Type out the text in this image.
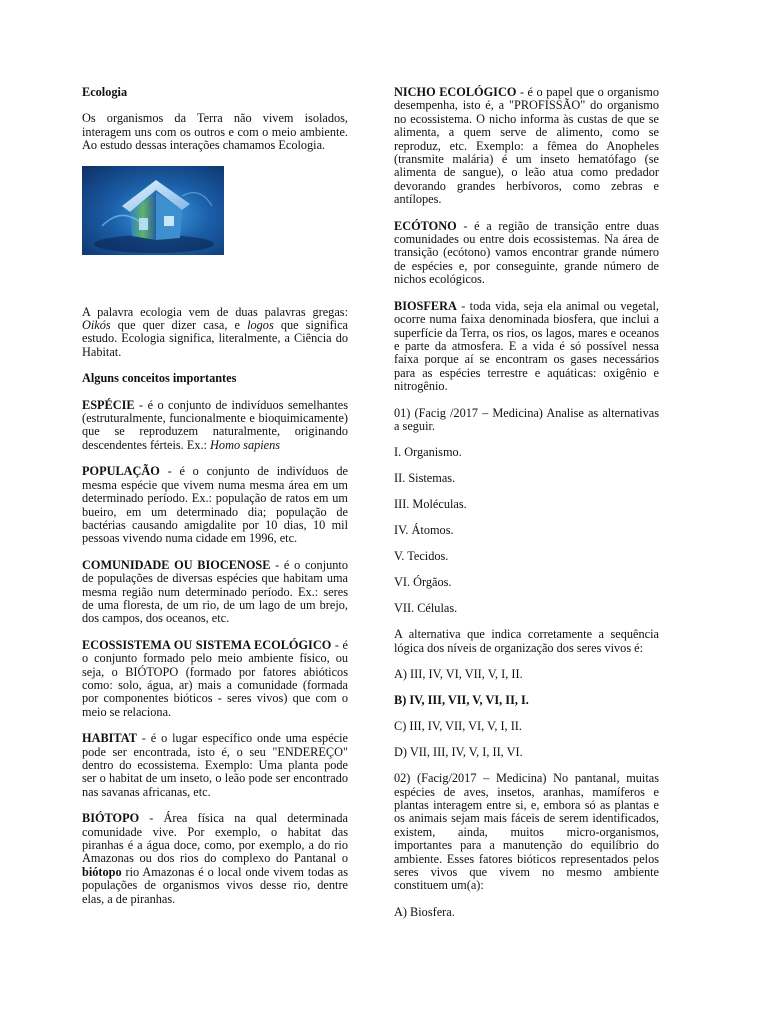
Ecologia

Os organismos da Terra não vivem isolados, interagem uns com os outros e com o meio ambiente. Ao estudo dessas interações chamamos Ecologia.

A palavra ecologia vem de duas palavras gregas: Oikós que quer dizer casa, e logos que significa estudo. Ecologia significa, literalmente, a Ciência do Habitat.

Alguns conceitos importantes

ESPÉCIE - é o conjunto de indivíduos semelhantes (estruturalmente, funcionalmente e bioquimicamente) que se reproduzem naturalmente, originando descendentes férteis. Ex.: Homo sapiens

POPULAÇÃO - é o conjunto de indivíduos de mesma espécie que vivem numa mesma área em um determinado período. Ex.: população de ratos em um bueiro, em um determinado dia; população de bactérias causando amigdalite por 10 dias, 10 mil pessoas vivendo numa cidade em 1996, etc.

COMUNIDADE OU BIOCENOSE - é o conjunto de populações de diversas espécies que habitam uma mesma região num determinado período. Ex.: seres de uma floresta, de um rio, de um lago de um brejo, dos campos, dos oceanos, etc.

ECOSSISTEMA OU SISTEMA ECOLÓGICO - é o conjunto formado pelo meio ambiente físico, ou seja, o BIÓTOPO (formado por fatores abióticos como: solo, água, ar) mais a comunidade (formada por componentes bióticos - seres vivos) que com o meio se relaciona.

HABITAT - é o lugar específico onde uma espécie pode ser encontrada, isto é, o seu "ENDEREÇO" dentro do ecossistema. Exemplo: Uma planta pode ser o habitat de um inseto, o leão pode ser encontrado nas savanas africanas, etc.

BIÓTOPO - Área física na qual determinada comunidade vive. Por exemplo, o habitat das piranhas é a água doce, como, por exemplo, a do rio Amazonas ou dos rios do complexo do Pantanal o biótopo rio Amazonas é o local onde vivem todas as populações de organismos vivos desse rio, dentre elas, a de piranhas.

NICHO ECOLÓGICO - é o papel que o organismo desempenha, isto é, a "PROFISSÃO" do organismo no ecossistema. O nicho informa às custas de que se alimenta, a quem serve de alimento, como se reproduz, etc. Exemplo: a fêmea do Anopheles (transmite malária) é um inseto hematófago (se alimenta de sangue), o leão atua como predador devorando grandes herbívoros, como zebras e antílopes.

ECÓTONO - é a região de transição entre duas comunidades ou entre dois ecossistemas. Na área de transição (ecótono) vamos encontrar grande número de espécies e, por conseguinte, grande número de nichos ecológicos.

BIOSFERA - toda vida, seja ela animal ou vegetal, ocorre numa faixa denominada biosfera, que inclui a superfície da Terra, os rios, os lagos, mares e oceanos e parte da atmosfera. E a vida é só possível nessa faixa porque aí se encontram os gases necessários para as espécies terrestre e aquáticas: oxigênio e nitrogênio.

01) (Facig /2017 – Medicina) Analise as alternativas a seguir.

I. Organismo.

II. Sistemas.

III. Moléculas.

IV. Átomos.

V. Tecidos.

VI. Órgãos.

VII. Células.

A alternativa que indica corretamente a sequência lógica dos níveis de organização dos seres vivos é:

A) III, IV, VI, VII, V, I, II.

B) IV, III, VII, V, VI, II, I.

C) III, IV, VII, VI, V, I, II.

D) VII, III, IV, V, I, II, VI.

02) (Facig/2017 – Medicina) No pantanal, muitas espécies de aves, insetos, aranhas, mamíferos e plantas interagem entre si, e, embora só as plantas e os animais sejam mais fáceis de serem identificados, existem, ainda, muitos micro-organismos, importantes para a manutenção do equilíbrio do ambiente. Esses fatores bióticos representados pelos seres vivos que vivem no mesmo ambiente constituem um(a):

A) Biosfera.
